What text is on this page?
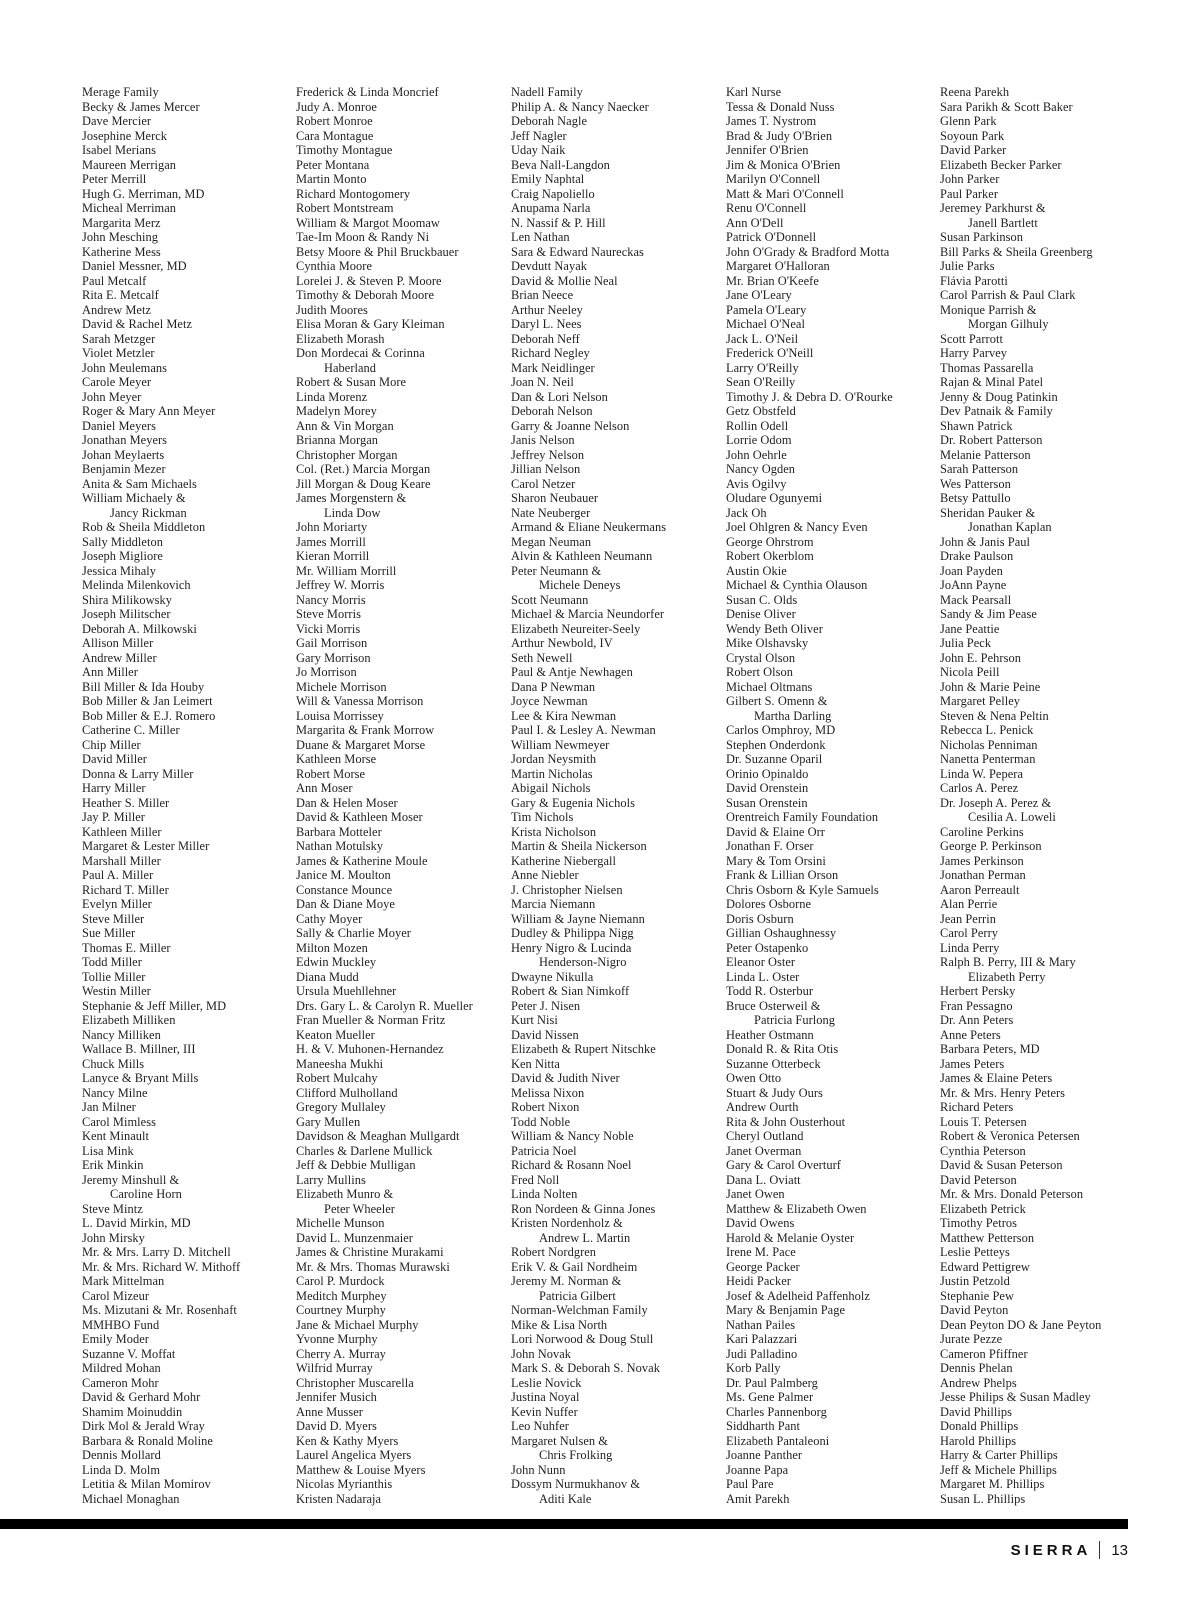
Merage Family
Becky & James Mercer
Dave Mercier
Josephine Merck
Isabel Merians
Maureen Merrigan
Peter Merrill
Hugh G. Merriman, MD
Micheal Merriman
Margarita Merz
John Mesching
Katherine Mess
Daniel Messner, MD
Paul Metcalf
Rita E. Metcalf
Andrew Metz
David & Rachel Metz
Sarah Metzger
Violet Metzler
John Meulemans
Carole Meyer
John Meyer
Roger & Mary Ann Meyer
Daniel Meyers
Jonathan Meyers
Johan Meylaerts
Benjamin Mezer
Anita & Sam Michaels
William Michaely &
Jancy Rickman
Rob & Sheila Middleton
Sally Middleton
Joseph Migliore
Jessica Mihaly
Melinda Milenkovich
Shira Milikowsky
Joseph Militscher
Deborah A. Milkowski
Allison Miller
Andrew Miller
Ann Miller
Bill Miller & Ida Houby
Bob Miller & Jan Leimert
Bob Miller & E.J. Romero
Catherine C. Miller
Chip Miller
David Miller
Donna & Larry Miller
Harry Miller
Heather S. Miller
Jay P. Miller
Kathleen Miller
Margaret & Lester Miller
Marshall Miller
Paul A. Miller
Richard T. Miller
Evelyn Miller
Steve Miller
Sue Miller
Thomas E. Miller
Todd Miller
Tollie Miller
Westin Miller
Stephanie & Jeff Miller, MD
Elizabeth Milliken
Nancy Milliken
Wallace B. Millner, III
Chuck Mills
Lanyce & Bryant Mills
Nancy Milne
Jan Milner
Carol Mimless
Kent Minault
Lisa Mink
Erik Minkin
Jeremy Minshull &
Caroline Horn
Steve Mintz
L. David Mirkin, MD
John Mirsky
Mr. & Mrs. Larry D. Mitchell
Mr. & Mrs. Richard W. Mithoff
Mark Mittelman
Carol Mizeur
Ms. Mizutani & Mr. Rosenhaft
MMHBO Fund
Emily Moder
Suzanne V. Moffat
Mildred Mohan
Cameron Mohr
David & Gerhard Mohr
Shamim Moinuddin
Dirk Mol & Jerald Wray
Barbara & Ronald Moline
Dennis Mollard
Linda D. Molm
Letitia & Milan Momirov
Michael Monaghan
Frederick & Linda Moncrief
Judy A. Monroe
Robert Monroe
Cara Montague
Timothy Montague
Peter Montana
Martin Monto
Richard Montogomery
Robert Montstream
William & Margot Moomaw
Tae-Im Moon & Randy Ni
Betsy Moore & Phil Bruckbauer
Cynthia Moore
Lorelei J. & Steven P. Moore
Timothy & Deborah Moore
Judith Moores
Elisa Moran & Gary Kleiman
Elizabeth Morash
Don Mordecai & Corinna
Haberland
Robert & Susan More
Linda Morenz
Madelyn Morey
Ann & Vin Morgan
Brianna Morgan
Christopher Morgan
Col. (Ret.) Marcia Morgan
Jill Morgan & Doug Keare
James Morgenstern &
Linda Dow
John Moriarty
James Morrill
Kieran Morrill
Mr. William Morrill
Jeffrey W. Morris
Nancy Morris
Steve Morris
Vicki Morris
Gail Morrison
Gary Morrison
Jo Morrison
Michele Morrison
Will & Vanessa Morrison
Louisa Morrissey
Margarita & Frank Morrow
Duane & Margaret Morse
Kathleen Morse
Robert Morse
Ann Moser
Dan & Helen Moser
David & Kathleen Moser
Barbara Motteler
Nathan Motulsky
James & Katherine Moule
Janice M. Moulton
Constance Mounce
Dan & Diane Moye
Cathy Moyer
Sally & Charlie Moyer
Milton Mozen
Edwin Muckley
Diana Mudd
Ursula Muehllehner
Drs. Gary L. & Carolyn R. Mueller
Fran Mueller & Norman Fritz
Keaton Mueller
H. & V. Muhonen-Hernandez
Maneesha Mukhi
Robert Mulcahy
Clifford Mulholland
Gregory Mullaley
Gary Mullen
Davidson & Meaghan Mullgardt
Charles & Darlene Mullick
Jeff & Debbie Mulligan
Larry Mullins
Elizabeth Munro &
Peter Wheeler
Michelle Munson
David L. Munzenmaier
James & Christine Murakami
Mr. & Mrs. Thomas Murawski
Carol P. Murdock
Meditch Murphey
Courtney Murphy
Jane & Michael Murphy
Yvonne Murphy
Cherry A. Murray
Wilfrid Murray
Christopher Muscarella
Jennifer Musich
Anne Musser
David D. Myers
Ken & Kathy Myers
Laurel Angelica Myers
Matthew & Louise Myers
Nicolas Myrianthis
Kristen Nadaraja
Nadell Family
Philip A. & Nancy Naecker
Deborah Nagle
Jeff Nagler
Uday Naik
Beva Nall-Langdon
Emily Naphtal
Craig Napoliello
Anupama Narla
N. Nassif & P. Hill
Len Nathan
Sara & Edward Naureckas
Devdutt Nayak
David & Mollie Neal
Brian Neece
Arthur Neeley
Daryl L. Nees
Deborah Neff
Richard Negley
Mark Neidlinger
Joan N. Neil
Dan & Lori Nelson
Deborah Nelson
Garry & Joanne Nelson
Janis Nelson
Jeffrey Nelson
Jillian Nelson
Carol Netzer
Sharon Neubauer
Nate Neuberger
Armand & Eliane Neukermans
Megan Neuman
Alvin & Kathleen Neumann
Peter Neumann &
Michele Deneys
Scott Neumann
Michael & Marcia Neundorfer
Elizabeth Neureiter-Seely
Arthur Newbold, IV
Seth Newell
Paul & Antje Newhagen
Dana P Newman
Joyce Newman
Lee & Kira Newman
Paul I. & Lesley A. Newman
William Newmeyer
Jordan Neysmith
Martin Nicholas
Abigail Nichols
Gary & Eugenia Nichols
Tim Nichols
Krista Nicholson
Martin & Sheila Nickerson
Katherine Niebergall
Anne Niebler
J. Christopher Nielsen
Marcia Niemann
William & Jayne Niemann
Dudley & Philippa Nigg
Henry Nigro & Lucinda
Henderson-Nigro
Dwayne Nikulla
Robert & Sian Nimkoff
Peter J. Nisen
Kurt Nisi
David Nissen
Elizabeth & Rupert Nitschke
Ken Nitta
David & Judith Niver
Melissa Nixon
Robert Nixon
Todd Noble
William & Nancy Noble
Patricia Noel
Richard & Rosann Noel
Fred Noll
Linda Nolten
Ron Nordeen & Ginna Jones
Kristen Nordenholz &
Andrew L. Martin
Robert Nordgren
Erik V. & Gail Nordheim
Jeremy M. Norman &
Patricia Gilbert
Norman-Welchman Family
Mike & Lisa North
Lori Norwood & Doug Stull
John Novak
Mark S. & Deborah S. Novak
Leslie Novick
Justina Noyal
Kevin Nuffer
Leo Nuhfer
Margaret Nulsen &
Chris Frolking
John Nunn
Dossym Nurmukhanov &
Aditi Kale
Karl Nurse
Tessa & Donald Nuss
James T. Nystrom
Brad & Judy O'Brien
Jennifer O'Brien
Jim & Monica O'Brien
Marilyn O'Connell
Matt & Mari O'Connell
Renu O'Connell
Ann O'Dell
Patrick O'Donnell
John O'Grady & Bradford Motta
Margaret O'Halloran
Mr. Brian O'Keefe
Jane O'Leary
Pamela O'Leary
Michael O'Neal
Jack L. O'Neil
Frederick O'Neill
Larry O'Reilly
Sean O'Reilly
Timothy J. & Debra D. O'Rourke
Getz Obstfeld
Rollin Odell
Lorrie Odom
John Oehrle
Nancy Ogden
Avis Ogilvy
Oludare Ogunyemi
Jack Oh
Joel Ohlgren & Nancy Even
George Ohrstrom
Robert Okerblom
Austin Okie
Michael & Cynthia Olauson
Susan C. Olds
Denise Oliver
Wendy Beth Oliver
Mike Olshavsky
Crystal Olson
Robert Olson
Michael Oltmans
Gilbert S. Omenn &
Martha Darling
Carlos Omphroy, MD
Stephen Onderdonk
Dr. Suzanne Oparil
Orinio Opinaldo
David Orenstein
Susan Orenstein
Orentreich Family Foundation
David & Elaine Orr
Jonathan F. Orser
Mary & Tom Orsini
Frank & Lillian Orson
Chris Osborn & Kyle Samuels
Dolores Osborne
Doris Osburn
Gillian Oshaughnessy
Peter Ostapenko
Eleanor Oster
Linda L. Oster
Todd R. Osterbur
Bruce Osterweil &
Patricia Furlong
Heather Ostmann
Donald R. & Rita Otis
Suzanne Otterbeck
Owen Otto
Stuart & Judy Ours
Andrew Ourth
Rita & John Ousterhout
Cheryl Outland
Janet Overman
Gary & Carol Overturf
Dana L. Oviatt
Janet Owen
Matthew & Elizabeth Owen
David Owens
Harold & Melanie Oyster
Irene M. Pace
George Packer
Heidi Packer
Josef & Adelheid Paffenholz
Mary & Benjamin Page
Nathan Pailes
Kari Palazzari
Judi Palladino
Korb Pally
Dr. Paul Palmberg
Ms. Gene Palmer
Charles Pannenborg
Siddharth Pant
Elizabeth Pantaleoni
Joanne Panther
Joanne Papa
Paul Pare
Amit Parekh
Reena Parekh
Sara Parikh & Scott Baker
Glenn Park
Soyoun Park
David Parker
Elizabeth Becker Parker
John Parker
Paul Parker
Jeremey Parkhurst &
Janell Bartlett
Susan Parkinson
Bill Parks & Sheila Greenberg
Julie Parks
Flávia Parotti
Carol Parrish & Paul Clark
Monique Parrish &
Morgan Gilhuly
Scott Parrott
Harry Parvey
Thomas Passarella
Rajan & Minal Patel
Jenny & Doug Patinkin
Dev Patnaik & Family
Shawn Patrick
Dr. Robert Patterson
Melanie Patterson
Sarah Patterson
Wes Patterson
Betsy Pattullo
Sheridan Pauker &
Jonathan Kaplan
John & Janis Paul
Drake Paulson
Joan Payden
JoAnn Payne
Mack Pearsall
Sandy & Jim Pease
Jane Peattie
Julia Peck
John E. Pehrson
Nicola Peill
John & Marie Peine
Margaret Pelley
Steven & Nena Peltin
Rebecca L. Penick
Nicholas Penniman
Nanetta Penterman
Linda W. Pepera
Carlos A. Perez
Dr. Joseph A. Perez &
Cesilia A. Loweli
Caroline Perkins
George P. Perkinson
James Perkinson
Jonathan Perman
Aaron Perreault
Alan Perrie
Jean Perrin
Carol Perry
Linda Perry
Ralph B. Perry, III & Mary
Elizabeth Perry
Herbert Persky
Fran Pessagno
Dr. Ann Peters
Anne Peters
Barbara Peters, MD
James Peters
James & Elaine Peters
Mr. & Mrs. Henry Peters
Richard Peters
Louis T. Petersen
Robert & Veronica Petersen
Cynthia Peterson
David & Susan Peterson
David Peterson
Mr. & Mrs. Donald Peterson
Elizabeth Petrick
Timothy Petros
Matthew Petterson
Leslie Petteys
Edward Pettigrew
Justin Petzold
Stephanie Pew
David Peyton
Dean Peyton DO & Jane Peyton
Jurate Pezze
Cameron Pfiffner
Dennis Phelan
Andrew Phelps
Jesse Philips & Susan Madley
David Phillips
Donald Phillips
Harold Phillips
Harry & Carter Phillips
Jeff & Michele Phillips
Margaret M. Phillips
Susan L. Phillips
SIERRA 13
